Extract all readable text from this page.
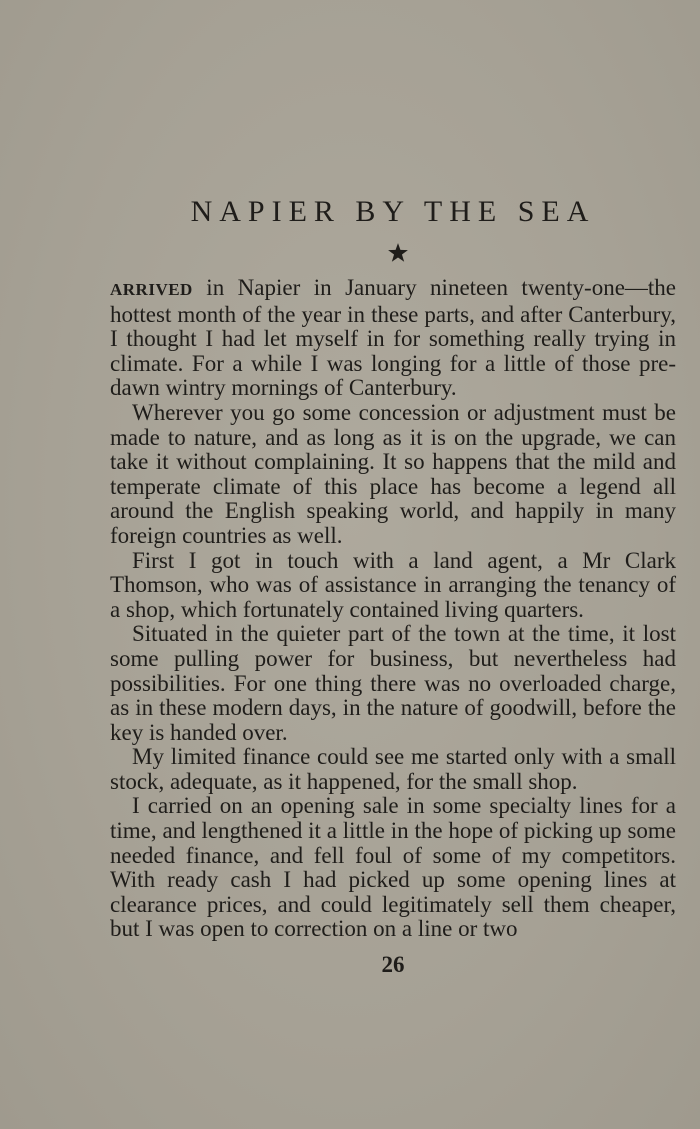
NAPIER BY THE SEA

ARRIVED in Napier in January nineteen twenty-one—the hottest month of the year in these parts, and after Canterbury, I thought I had let myself in for something really trying in climate. For a while I was longing for a little of those pre-dawn wintry mornings of Canterbury.

Wherever you go some concession or adjustment must be made to nature, and as long as it is on the upgrade, we can take it without complaining. It so happens that the mild and temperate climate of this place has become a legend all around the English speaking world, and happily in many foreign countries as well.

First I got in touch with a land agent, a Mr Clark Thomson, who was of assistance in arranging the tenancy of a shop, which fortunately contained living quarters.

Situated in the quieter part of the town at the time, it lost some pulling power for business, but nevertheless had possibilities. For one thing there was no overloaded charge, as in these modern days, in the nature of goodwill, before the key is handed over.

My limited finance could see me started only with a small stock, adequate, as it happened, for the small shop.

I carried on an opening sale in some specialty lines for a time, and lengthened it a little in the hope of picking up some needed finance, and fell foul of some of my competitors. With ready cash I had picked up some opening lines at clearance prices, and could legitimately sell them cheaper, but I was open to correction on a line or two

26
